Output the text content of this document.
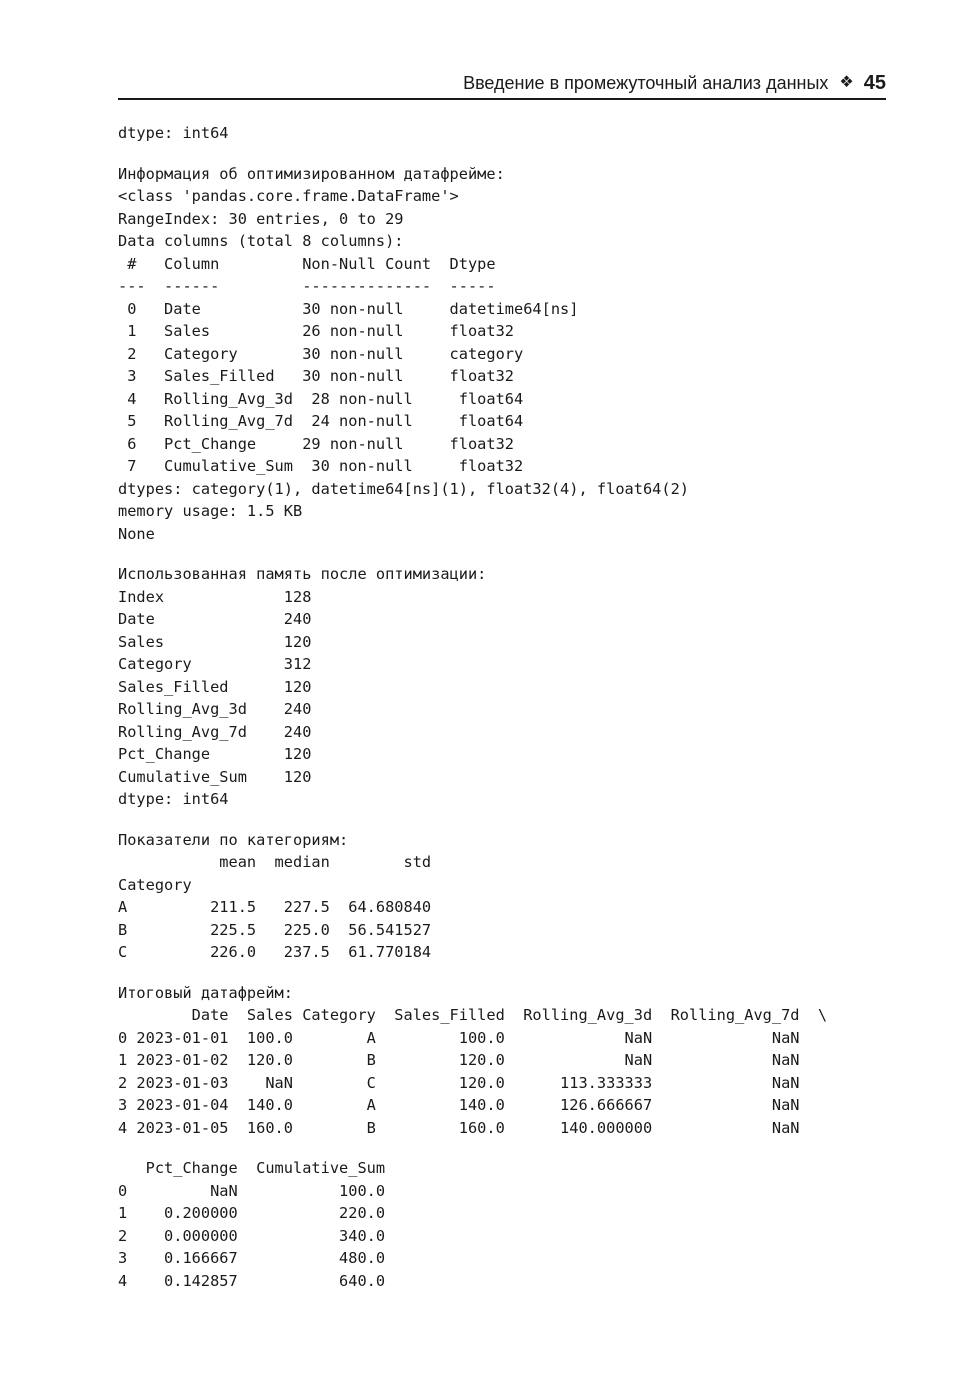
Введение в промежуточный анализ данных ❖ 45
dtype: int64
Информация об оптимизированном датафрейме:
<class 'pandas.core.frame.DataFrame'>
RangeIndex: 30 entries, 0 to 29
Data columns (total 8 columns):
#   Column         Non-Null Count  Dtype
---  ------         --------------  -----
0   Date           30 non-null     datetime64[ns]
1   Sales          26 non-null     float32
2   Category       30 non-null     category
3   Sales_Filled   30 non-null     float32
4   Rolling_Avg_3d  28 non-null     float64
5   Rolling_Avg_7d  24 non-null     float64
6   Pct_Change     29 non-null     float32
7   Cumulative_Sum  30 non-null     float32
dtypes: category(1), datetime64[ns](1), float32(4), float64(2)
memory usage: 1.5 KB
None
Использованная память после оптимизации:
Index             128
Date              240
Sales             120
Category          312
Sales_Filled      120
Rolling_Avg_3d    240
Rolling_Avg_7d    240
Pct_Change        120
Cumulative_Sum    120
dtype: int64
Показатели по категориям:
mean  median        std
Category
A         211.5   227.5  64.680840
B         225.5   225.0  56.541527
C         226.0   237.5  61.770184
Итоговый датафрейм:
Date  Sales Category  Sales_Filled  Rolling_Avg_3d  Rolling_Avg_7d  \
0 2023-01-01  100.0        A         100.0             NaN             NaN
1 2023-01-02  120.0        B         120.0             NaN             NaN
2 2023-01-03    NaN        C         120.0      113.333333             NaN
3 2023-01-04  140.0        A         140.0      126.666667             NaN
4 2023-01-05  160.0        B         160.0      140.000000             NaN
Pct_Change  Cumulative_Sum
0         NaN           100.0
1    0.200000           220.0
2    0.000000           340.0
3    0.166667           480.0
4    0.142857           640.0
